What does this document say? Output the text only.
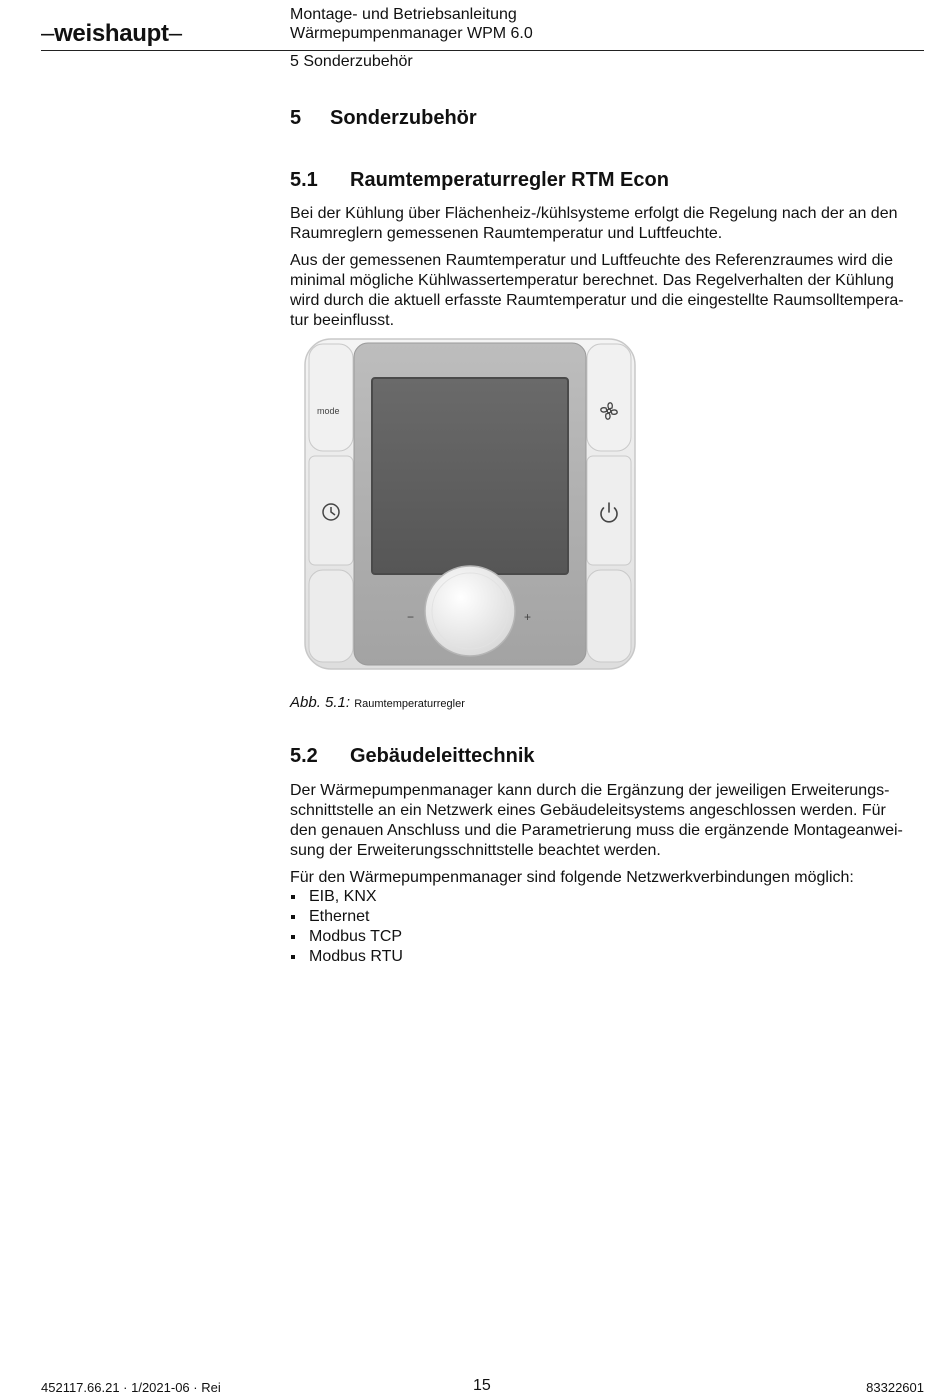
–weishaupt–
Montage- und Betriebsanleitung
Wärmepumpenmanager WPM 6.0
5 Sonderzubehör
5 Sonderzubehör
5.1 Raumtemperaturregler RTM Econ
Bei der Kühlung über Flächenheiz-/kühlsysteme erfolgt die Regelung nach der an den
Raumreglern gemessenen Raumtemperatur und Luftfeuchte.
Aus der gemessenen Raumtemperatur und Luftfeuchte des Referenzraumes wird die
minimal mögliche Kühlwassertemperatur berechnet. Das Regelverhalten der Kühlung
wird durch die aktuell erfasste Raumtemperatur und die eingestellte Raumsolltempera-
tur beeinflusst.
mode
−	+
Abb. 5.1: Raumtemperaturregler
5.2 Gebäudeleittechnik
Der Wärmepumpenmanager kann durch die Ergänzung der jeweiligen Erweiterungs-
schnittstelle an ein Netzwerk eines Gebäudeleitsystems angeschlossen werden. Für
den genauen Anschluss und die Parametrierung muss die ergänzende Montageanwei-
sung der Erweiterungsschnittstelle beachtet werden.
Für den Wärmepumpenmanager sind folgende Netzwerkverbindungen möglich:
EIB, KNX
Ethernet
Modbus TCP
Modbus RTU
452117.66.21 · 1/2021-06 · Rei	15	83322601
